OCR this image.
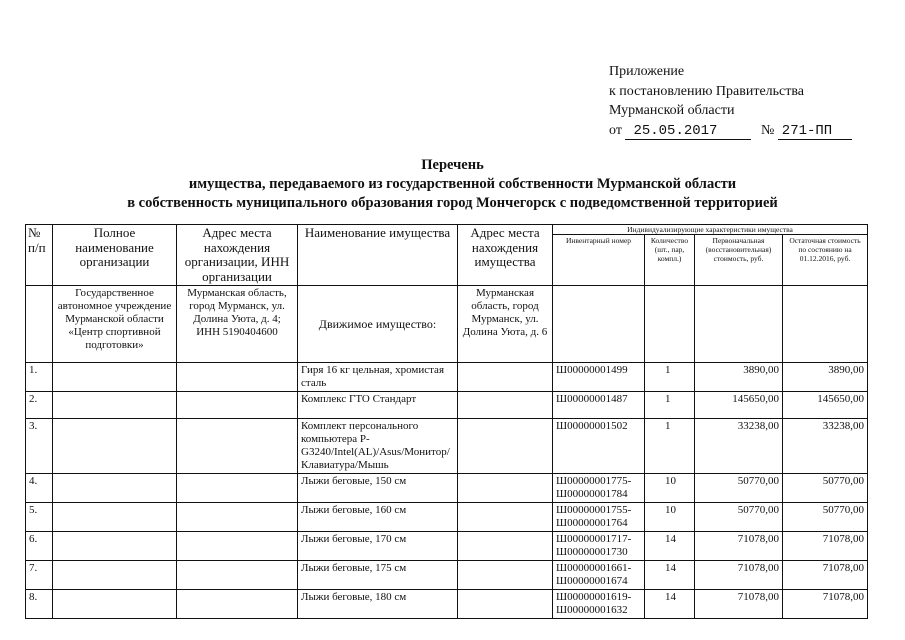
Приложение
к постановлению Правительства
Мурманской области
от 25.05.2017	№ 271-ПП
Перечень
имущества, передаваемого из государственной собственности Мурманской области
в собственность муниципального образования город Мончегорск с подведомственной территорией
№ п/п	Полное наименование организации	Адрес места нахождения организации, ИНН организации	Наименование имущества	Адрес места нахождения имущества	Индивидуализирующие характеристики имущества			
					Инвентарный номер	Количество (шт., пар, компл.)	Первоначальная (восстановительная) стоимость, руб.	Остаточная стоимость по состоянию на 01.12.2016, руб.
	Государственное автономное учреждение Мурманской области «Центр спортивной подготовки»	Мурманская область, город Мурманск, ул. Долина Уюта, д. 4; ИНН 5190404600	Движимое имущество:	Мурманская область, город Мурманск, ул. Долина Уюта, д. 6				
1.			Гиря 16 кг цельная, хромистая сталь		Ш00000001499	1	3890,00	3890,00
2.			Комплекс ГТО Стандарт		Ш00000001487	1	145650,00	145650,00
3.			Комплект персонального компьютера P-G3240/Intel(AL)/Asus/Монитор/Клавиатура/Мышь		Ш00000001502	1	33238,00	33238,00
4.			Лыжи беговые, 150 см		Ш00000001775-Ш00000001784	10	50770,00	50770,00
5.			Лыжи беговые, 160 см		Ш00000001755-Ш00000001764	10	50770,00	50770,00
6.			Лыжи беговые, 170 см		Ш00000001717-Ш00000001730	14	71078,00	71078,00
7.			Лыжи беговые, 175 см		Ш00000001661-Ш00000001674	14	71078,00	71078,00
8.			Лыжи беговые, 180 см		Ш00000001619-Ш00000001632	14	71078,00	71078,00
